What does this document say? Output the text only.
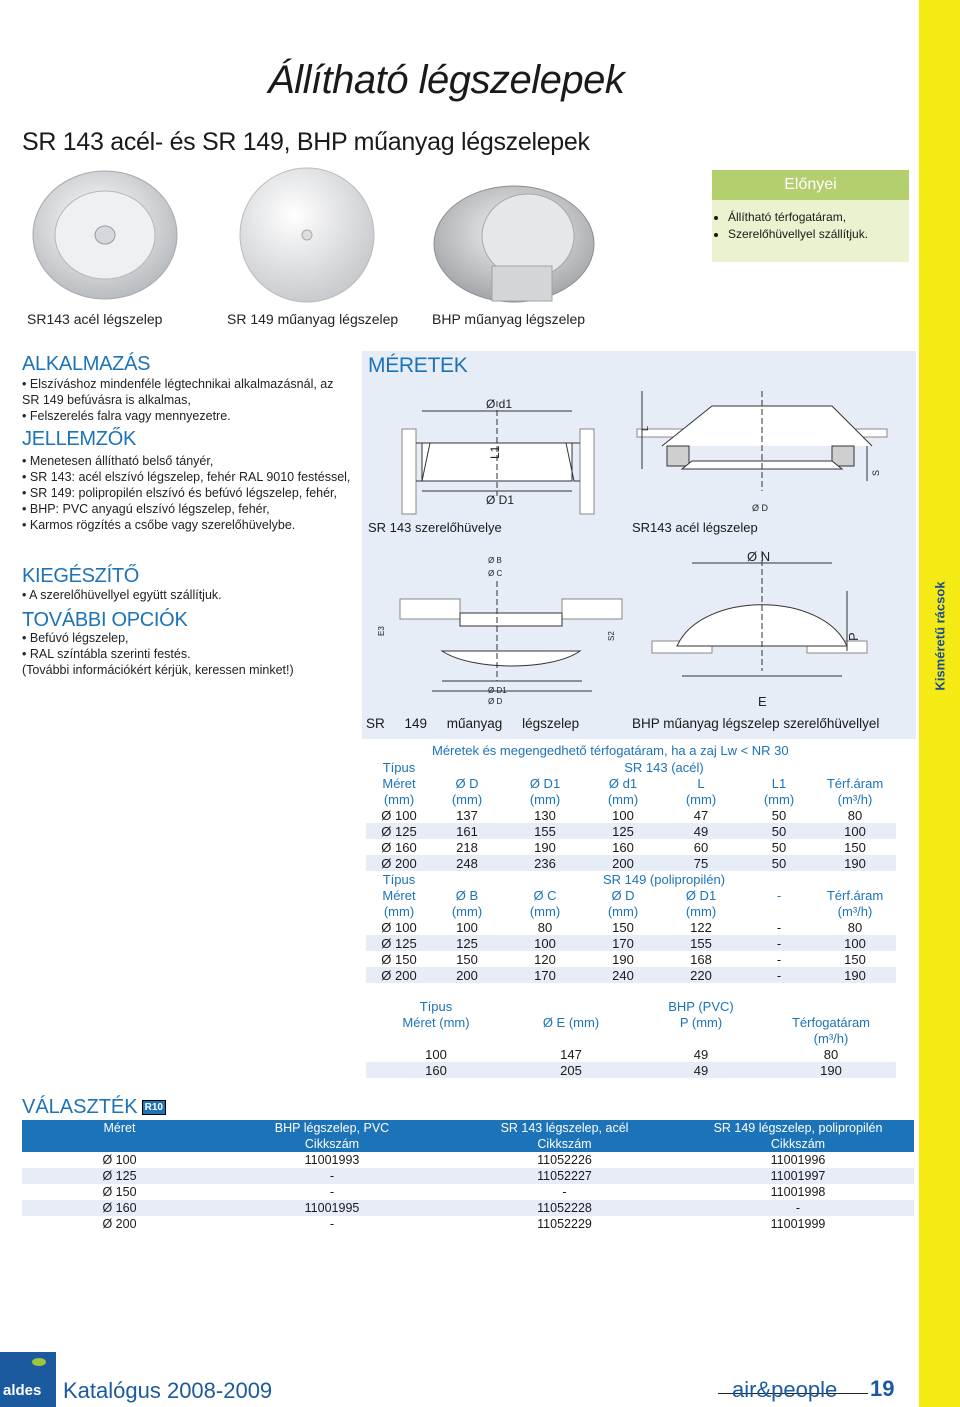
Állítható légszelepek
SR 143 acél- és SR 149, BHP műanyag légszelepek
Kisméretű rácsok
Előnyei
• Állítható térfogatáram,
• Szerelőhüvellyel szállítjuk.
SR143 acél légszelep	SR 149 műanyag légszelep BHP műanyag légszelep
ALKALMAZÁS
• Elszíváshoz mindenféle légtechnikai alkalmazásnál, az SR 149 befúvásra is alkalmas,
• Felszerelés falra vagy mennyezetre.
JELLEMZŐK
• Menetesen állítható belső tányér,
• SR 143: acél elszívó légszelep, fehér RAL 9010 festéssel,
• SR 149: polipropilén elszívó és befúvó légszelep, fehér,
• BHP: PVC anyagú elszívó légszelep, fehér,
• Karmos rögzítés a csőbe vagy szerelőhüvelybe.
KIEGÉSZÍTŐ
• A szerelőhüvellyel együtt szállítjuk.
TOVÁBBI OPCIÓK
• Befúvó légszelep,
• RAL színtábla szerinti festés.
(További információkért kérjük, keressen minket!)
MÉRETEK
Ø d1
L1
Ø D1
L
Ø D
S
Ø B
Ø C
E3
S2
Ø D1
Ø D
Ø N
P
E
SR 143 szerelőhüvelye	SR143 acél légszelep
SR 149 műanyag légszelep	BHP műanyag légszelep szerelőhüvellyel
Méretek és megengedhető térfogatáram, ha a zaj Lw < NR 30
Típus	SR 143 (acél)					
Méret	Ø D	Ø D1	Ø d1	L	L1	Térf.áram
(mm)	(mm)	(mm)	(mm)	(mm)	(mm)	(m³/h)
Ø 100	137	130	100	47	50	80
Ø 125	161	155	125	49	50	100
Ø 160	218	190	160	60	50	150
Ø 200	248	236	200	75	50	190
Típus	SR 149 (polipropilén)					
Méret	Ø B	Ø C	Ø D	Ø D1	-	Térf.áram
(mm)	(mm)	(mm)	(mm)	(mm)		(m³/h)
Ø 100	100	80	150	122	-	80
Ø 125	125	100	170	155	-	100
Ø 150	150	120	190	168	-	150
Ø 200	200	170	240	220	-	190
Típus	BHP (PVC)		
Méret (mm)	Ø E (mm)	P (mm)	Térfogatáram
			(m³/h)
100	147	49	80
160	205	49	190
VÁLASZTÉK R10
Méret	BHP légszelep, PVC	SR 143 légszelep, acél	SR 149 légszelep, polipropilén
	Cikkszám	Cikkszám	Cikkszám
Ø 100	11001993	11052226	11001996
Ø 125	-	11052227	11001997
Ø 150	-	-	11001998
Ø 160	11001995	11052228	-
Ø 200	-	11052229	11001999
aldes Katalógus 2008-2009	air&people 19
